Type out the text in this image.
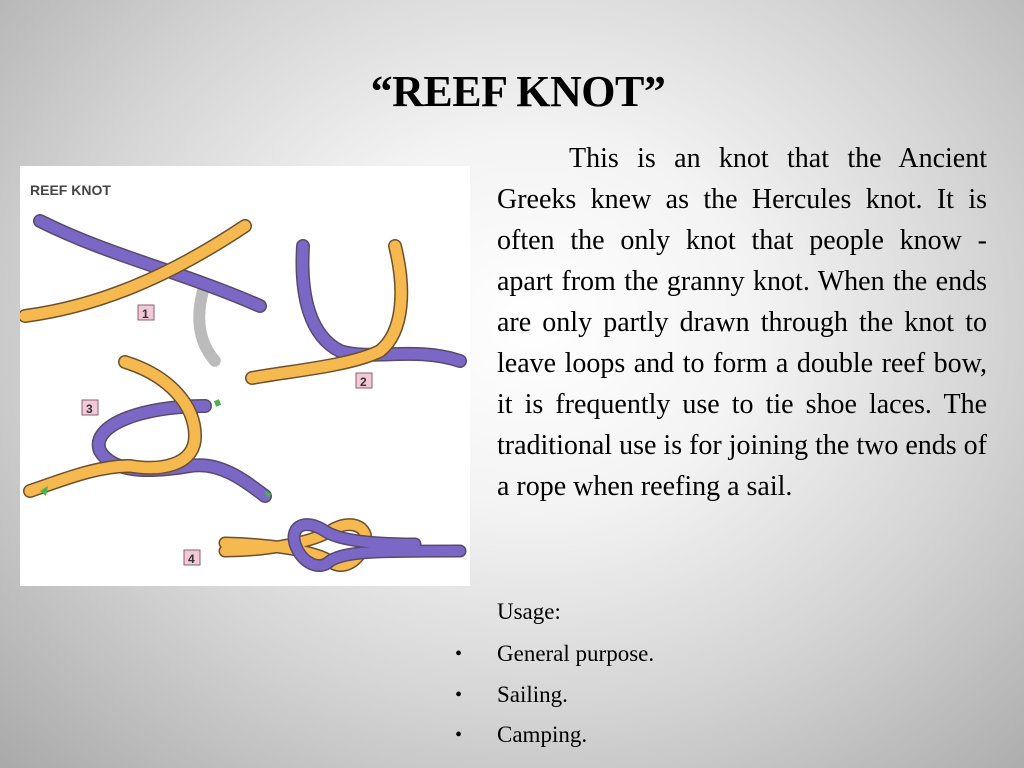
“REEF KNOT”
REEF KNOT
1
2
3
4

This is an knot that the Ancient Greeks knew as the Hercules knot. It is often the only knot that people know - apart from the granny knot. When the ends are only partly drawn through the knot to leave loops and to form a double reef bow, it is frequently use to tie shoe laces. The traditional use is for joining the two ends of a rope when reefing a sail.

Usage:
• General purpose.
• Sailing.
• Camping.
